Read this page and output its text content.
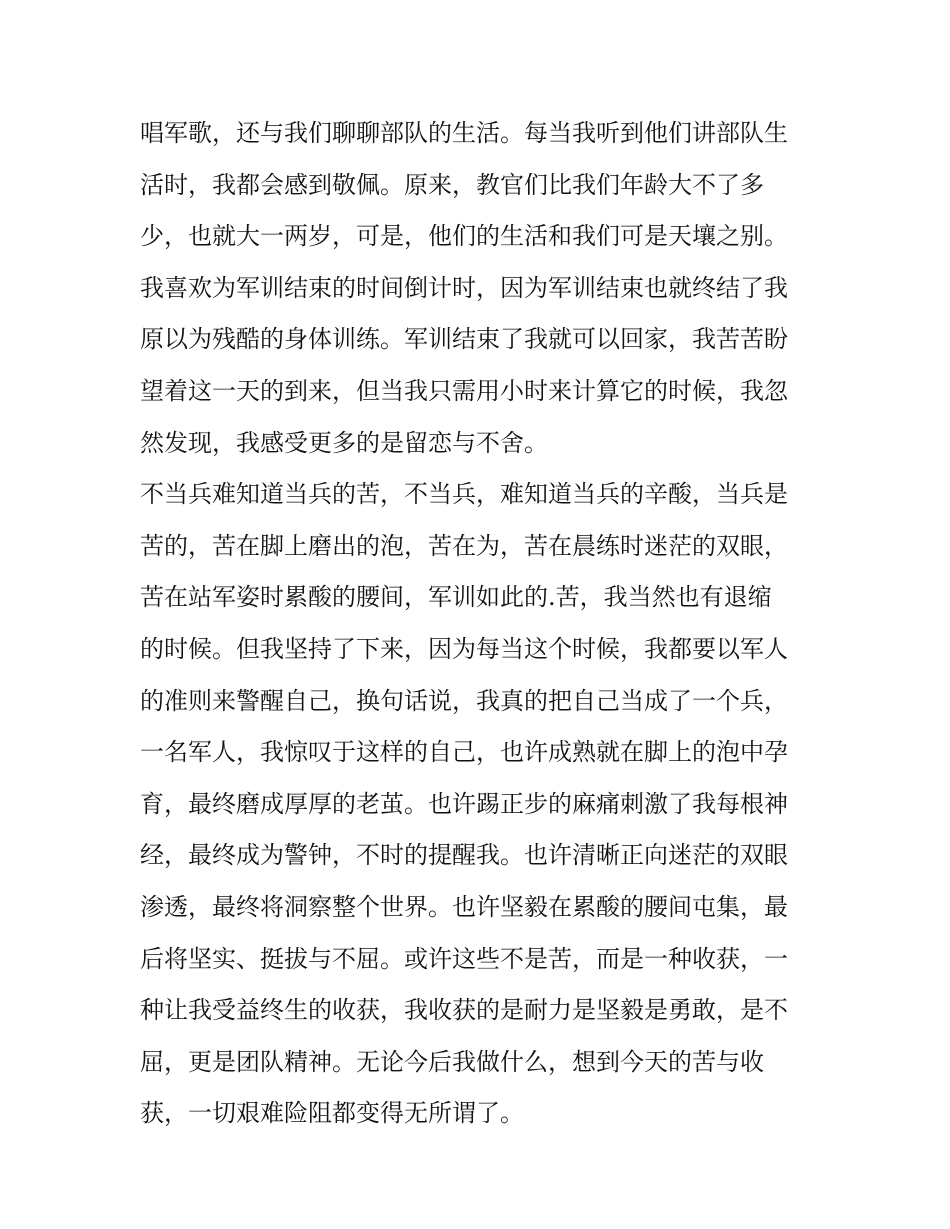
唱军歌，还与我们聊聊部队的生活。每当我听到他们讲部队生
活时，我都会感到敬佩。原来，教官们比我们年龄大不了多
少，也就大一两岁，可是，他们的生活和我们可是天壤之别。
我喜欢为军训结束的时间倒计时，因为军训结束也就终结了我
原以为残酷的身体训练。军训结束了我就可以回家，我苦苦盼
望着这一天的到来，但当我只需用小时来计算它的时候，我忽
然发现，我感受更多的是留恋与不舍。
不当兵难知道当兵的苦，不当兵，难知道当兵的辛酸，当兵是
苦的，苦在脚上磨出的泡，苦在为，苦在晨练时迷茫的双眼，
苦在站军姿时累酸的腰间，军训如此的.苦，我当然也有退缩
的时候。但我坚持了下来，因为每当这个时候，我都要以军人
的准则来警醒自己，换句话说，我真的把自己当成了一个兵，
一名军人，我惊叹于这样的自己，也许成熟就在脚上的泡中孕
育，最终磨成厚厚的老茧。也许踢正步的麻痛刺激了我每根神
经，最终成为警钟，不时的提醒我。也许清晰正向迷茫的双眼
渗透，最终将洞察整个世界。也许坚毅在累酸的腰间屯集，最
后将坚实、挺拔与不屈。或许这些不是苦，而是一种收获，一
种让我受益终生的收获，我收获的是耐力是坚毅是勇敢，是不
屈，更是团队精神。无论今后我做什么，想到今天的苦与收
获，一切艰难险阻都变得无所谓了。
